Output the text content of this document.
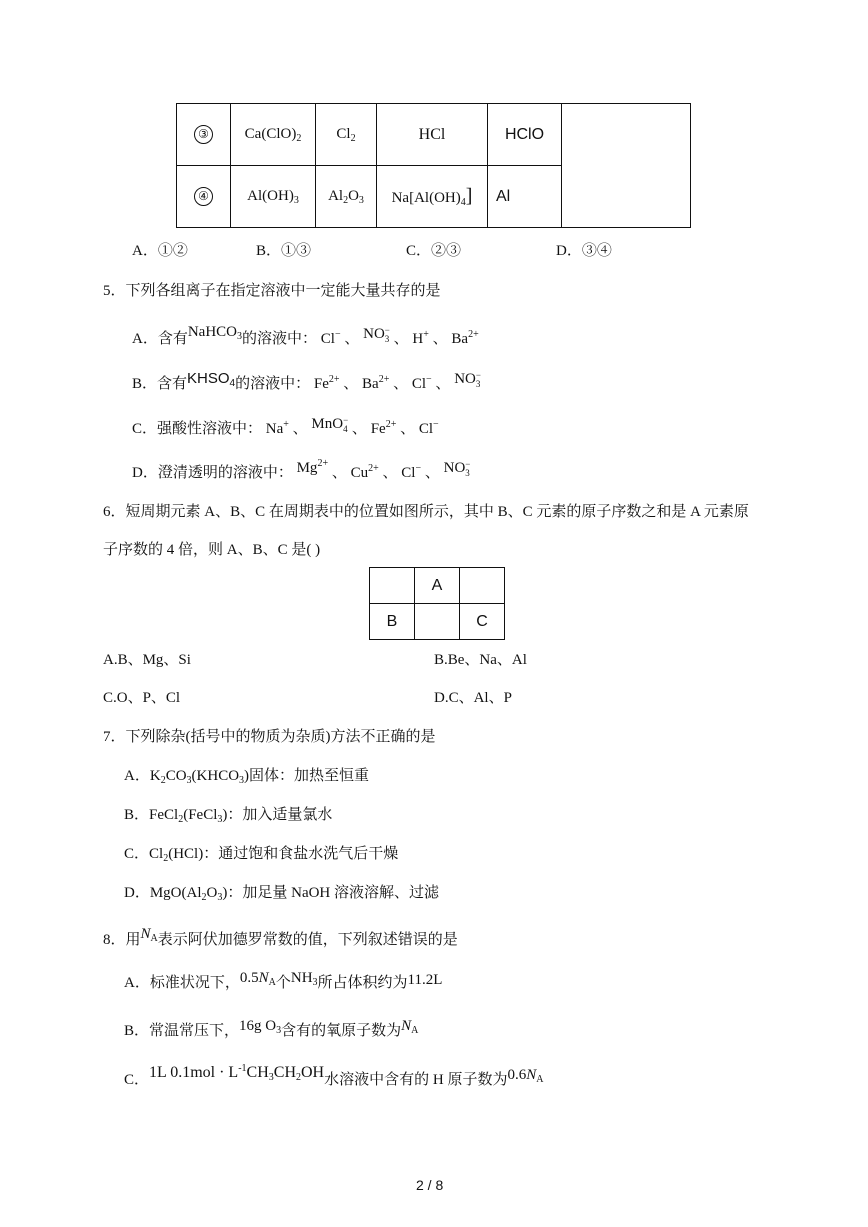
③	$Ca(ClO)_2$	$Cl_2$	HCl	HClO	
④	$Al(OH)_3$	$Al_2O_3$	$Na[Al(OH)_4]$	Al	
A．①②	B．①③	C．②③	D．③④
5．下列各组离子在指定溶液中一定能大量共存的是
A．含有NaHCO$_3$的溶液中： Cl− 、 NO −
3 、 H+ 、 $Ba^{2+}$
B．含有$KHSO_4$的溶液中： $Fe^{2+}$ 、 $Ba^{2+}$ 、 Cl− 、 NO −
3
C．强酸性溶液中： Na+ 、 MnO −
4 、 $Fe^{2+}$ 、 Cl−
D．澄清透明的溶液中： $Mg^{2+}$ 、 $Cu^{2+}$ 、 Cl− 、 NO −
3
6．短周期元素 A、B、C 在周期表中的位置如图所示，其中 B、C 元素的原子序数之和是 A 元素原
子序数的 4 倍，则 A、B、C 是( )
	A	
B		C
A.B、Mg、Si	B.Be、Na、Al
C.O、P、Cl	D.C、Al、P
7．下列除杂(括号中的物质为杂质)方法不正确的是
A．$K_2CO_3(KHCO_3)$固体：加热至恒重
B．FeCl$_2$(FeCl$_3$)：加入适量氯水
C．$Cl_2(HCl)$：通过饱和食盐水洗气后干燥
D．$MgO(Al_2O_3)$：加足量 NaOH 溶液溶解、过滤
8．用$N_A$表示阿伏加德罗常数的值，下列叙述错误的是
A．标准状况下，$0.5N_A$个$NH_3$所占体积约为11.2L
B．常温常压下，16g $O_3$含有的氧原子数为$N_A$
C．1L $0.1mol \cdot L^{-1}CH_3CH_2OH$水溶液中含有的 H 原子数为$0.6N_A$
2 / 8
